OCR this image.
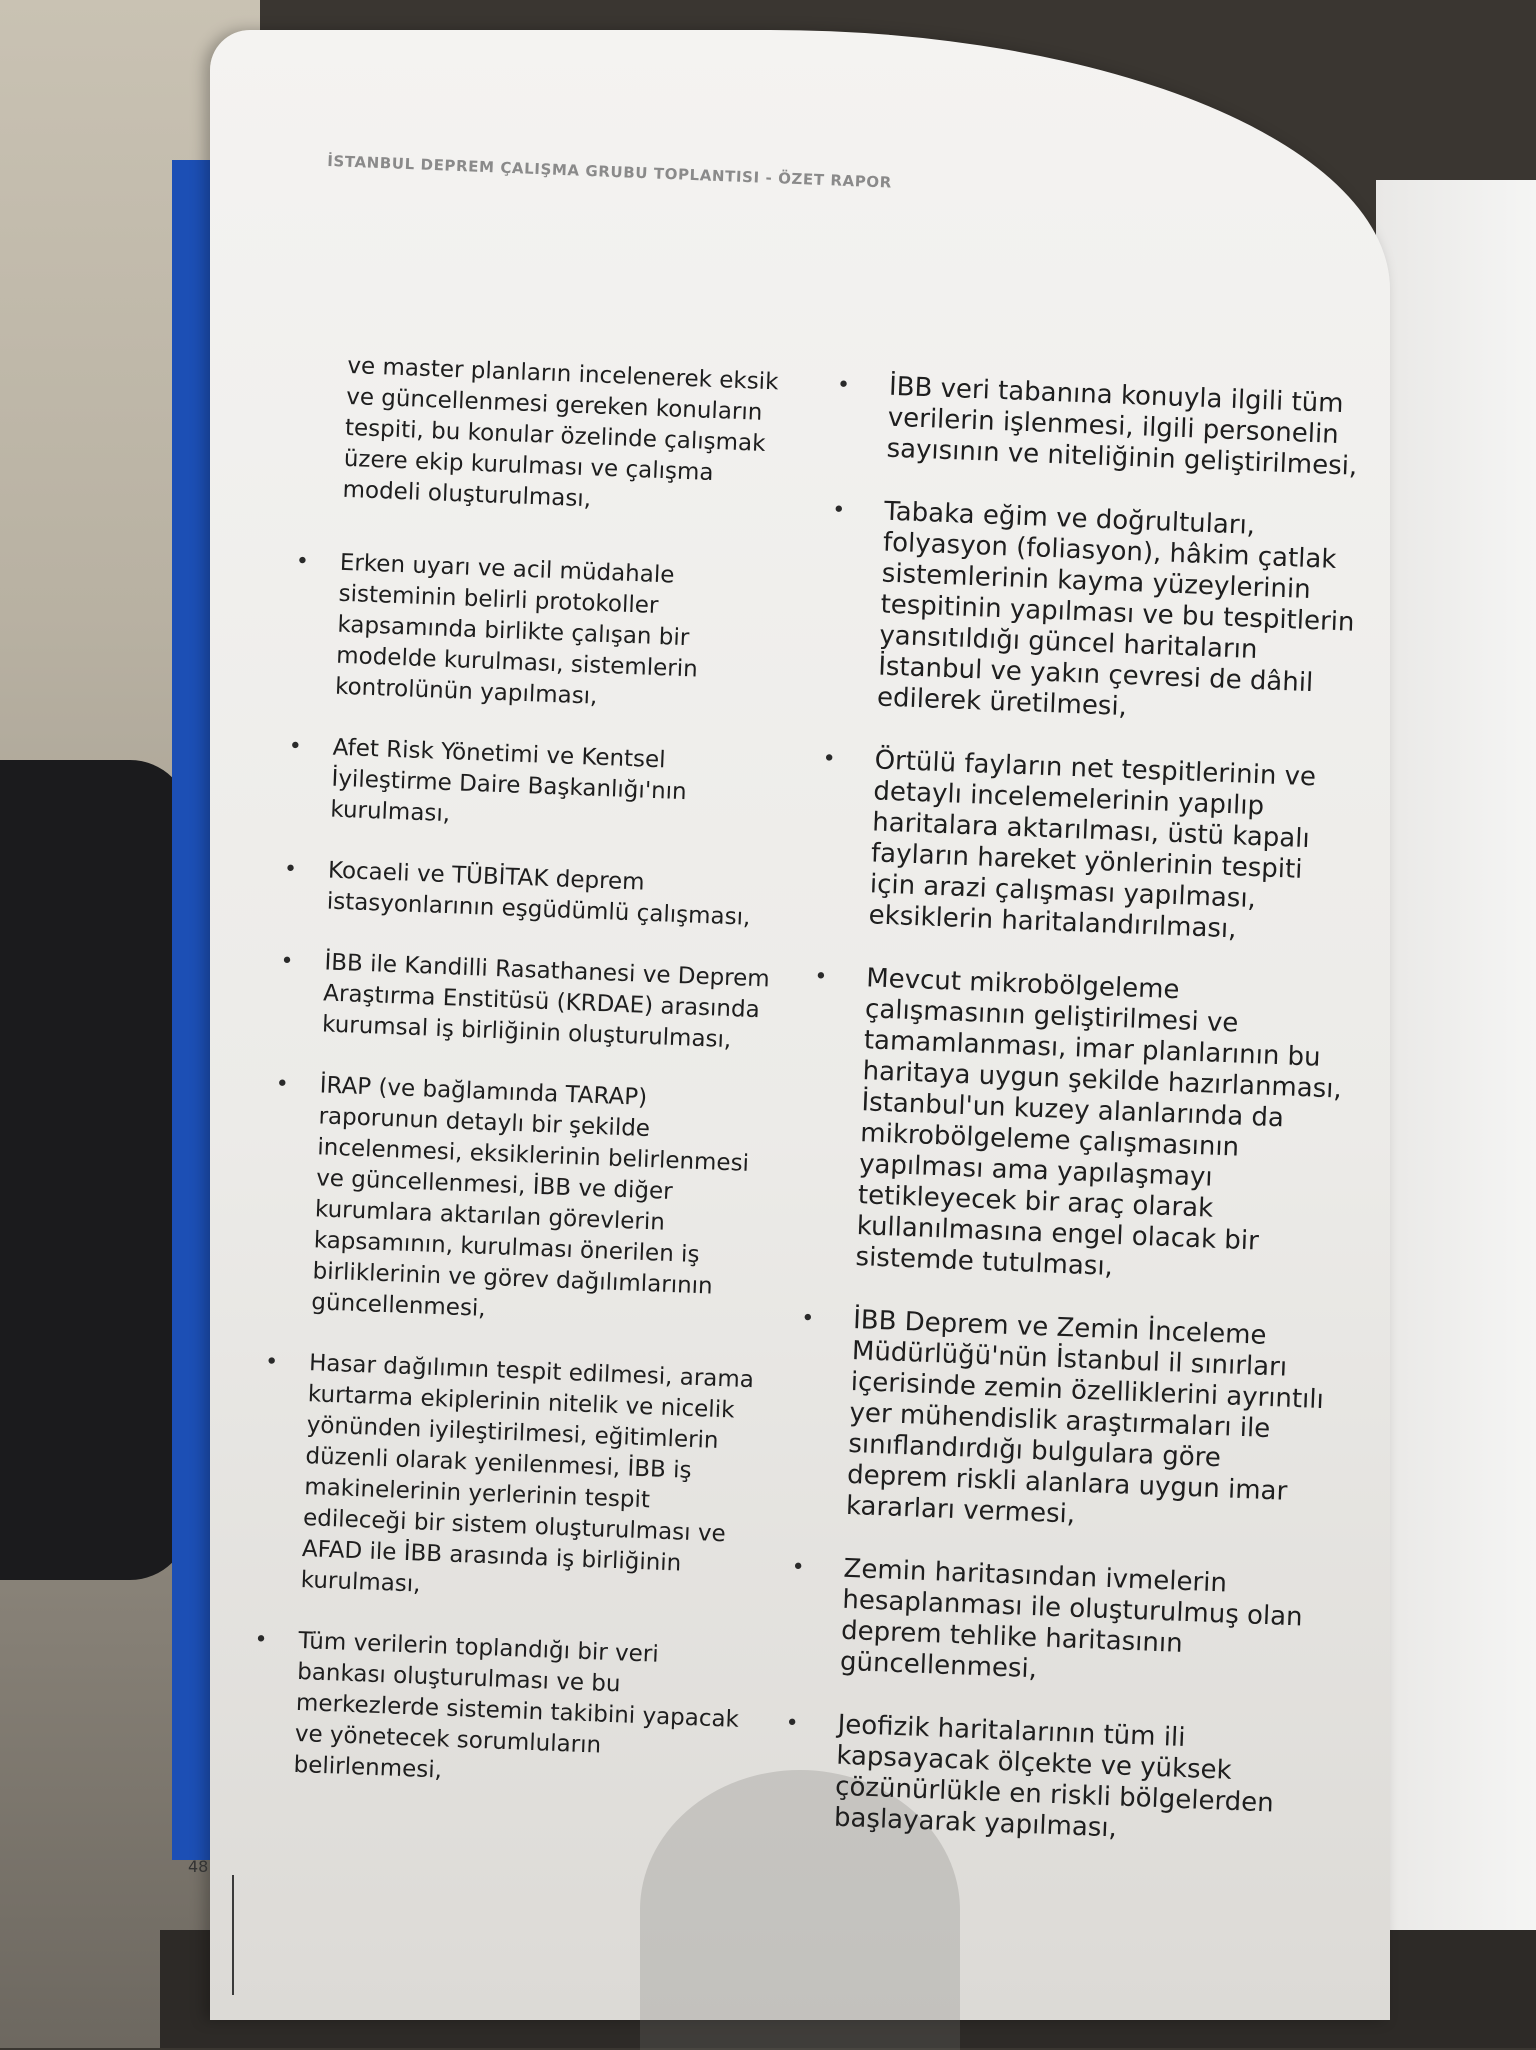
İSTANBUL DEPREM ÇALIŞMA GRUBU TOPLANTISI - ÖZET RAPOR
ve master planların incelenerek eksik ve güncellenmesi gereken konuların tespiti, bu konular özelinde çalışmak üzere ekip kurulması ve çalışma modeli oluşturulması,
• Erken uyarı ve acil müdahale sisteminin belirli protokoller kapsamında birlikte çalışan bir modelde kurulması, sistemlerin kontrolünün yapılması,
• Afet Risk Yönetimi ve Kentsel İyileştirme Daire Başkanlığı'nın kurulması,
• Kocaeli ve TÜBİTAK deprem istasyonlarının eşgüdümlü çalışması,
• İBB ile Kandilli Rasathanesi ve Deprem Araştırma Enstitüsü (KRDAE) arasında kurumsal iş birliğinin oluşturulması,
•	İRAP (ve bağlamında TARAP) raporunun detaylı bir şekilde incelenmesi, eksiklerinin belirlenmesi ve güncellenmesi, İBB ve diğer kurumlara aktarılan görevlerin kapsamının, kurulması önerilen iş birliklerinin ve görev dağılımlarının güncellenmesi,
•	Hasar dağılımın tespit edilmesi, arama kurtarma ekiplerinin nitelik ve nicelik yönünden iyileştirilmesi, eğitimlerin düzenli olarak yenilenmesi, İBB iş makinelerinin yerlerinin tespit edileceği bir sistem oluşturulması ve AFAD ile İBB arasında iş birliğinin kurulması,
• Tüm verilerin toplandığı bir veri bankası oluşturulması ve bu merkezlerde sistemin takibini yapacak ve yönetecek sorumluların belirlenmesi,
• İBB veri tabanına konuyla ilgili tüm verilerin işlenmesi, ilgili personelin sayısının ve niteliğinin geliştirilmesi,
• Tabaka eğim ve doğrultuları, folyasyon (foliasyon), hâkim çatlak sistemlerinin kayma yüzeylerinin tespitinin yapılması ve bu tespitlerin yansıtıldığı güncel haritaların İstanbul ve yakın çevresi de dâhil edilerek üretilmesi,
• Örtülü fayların net tespitlerinin ve detaylı incelemelerinin yapılıp haritalara aktarılması, üstü kapalı fayların hareket yönlerinin tespiti için arazi çalışması yapılması, eksiklerin haritalandırılması,
•	Mevcut mikrobölgeleme çalışmasının geliştirilmesi ve tamamlanması, imar planlarının bu haritaya uygun şekilde hazırlanması, İstanbul'un kuzey alanlarında da mikrobölgeleme çalışmasının yapılması ama yapılaşmayı tetikleyecek bir araç olarak kullanılmasına engel olacak bir sistemde tutulması,
• İBB Deprem ve Zemin İnceleme Müdürlüğü'nün İstanbul il sınırları içerisinde zemin özelliklerini ayrıntılı yer mühendislik araştırmaları ile sınıflandırdığı bulgulara göre deprem riskli alanlara uygun imar kararları vermesi,
• Zemin haritasından ivmelerin hesaplanması ile oluşturulmuş olan deprem tehlike haritasının güncellenmesi,
• Jeofizik haritalarının tüm ili kapsayacak ölçekte ve yüksek çözünürlükle en riskli bölgelerden başlayarak yapılması,
48
